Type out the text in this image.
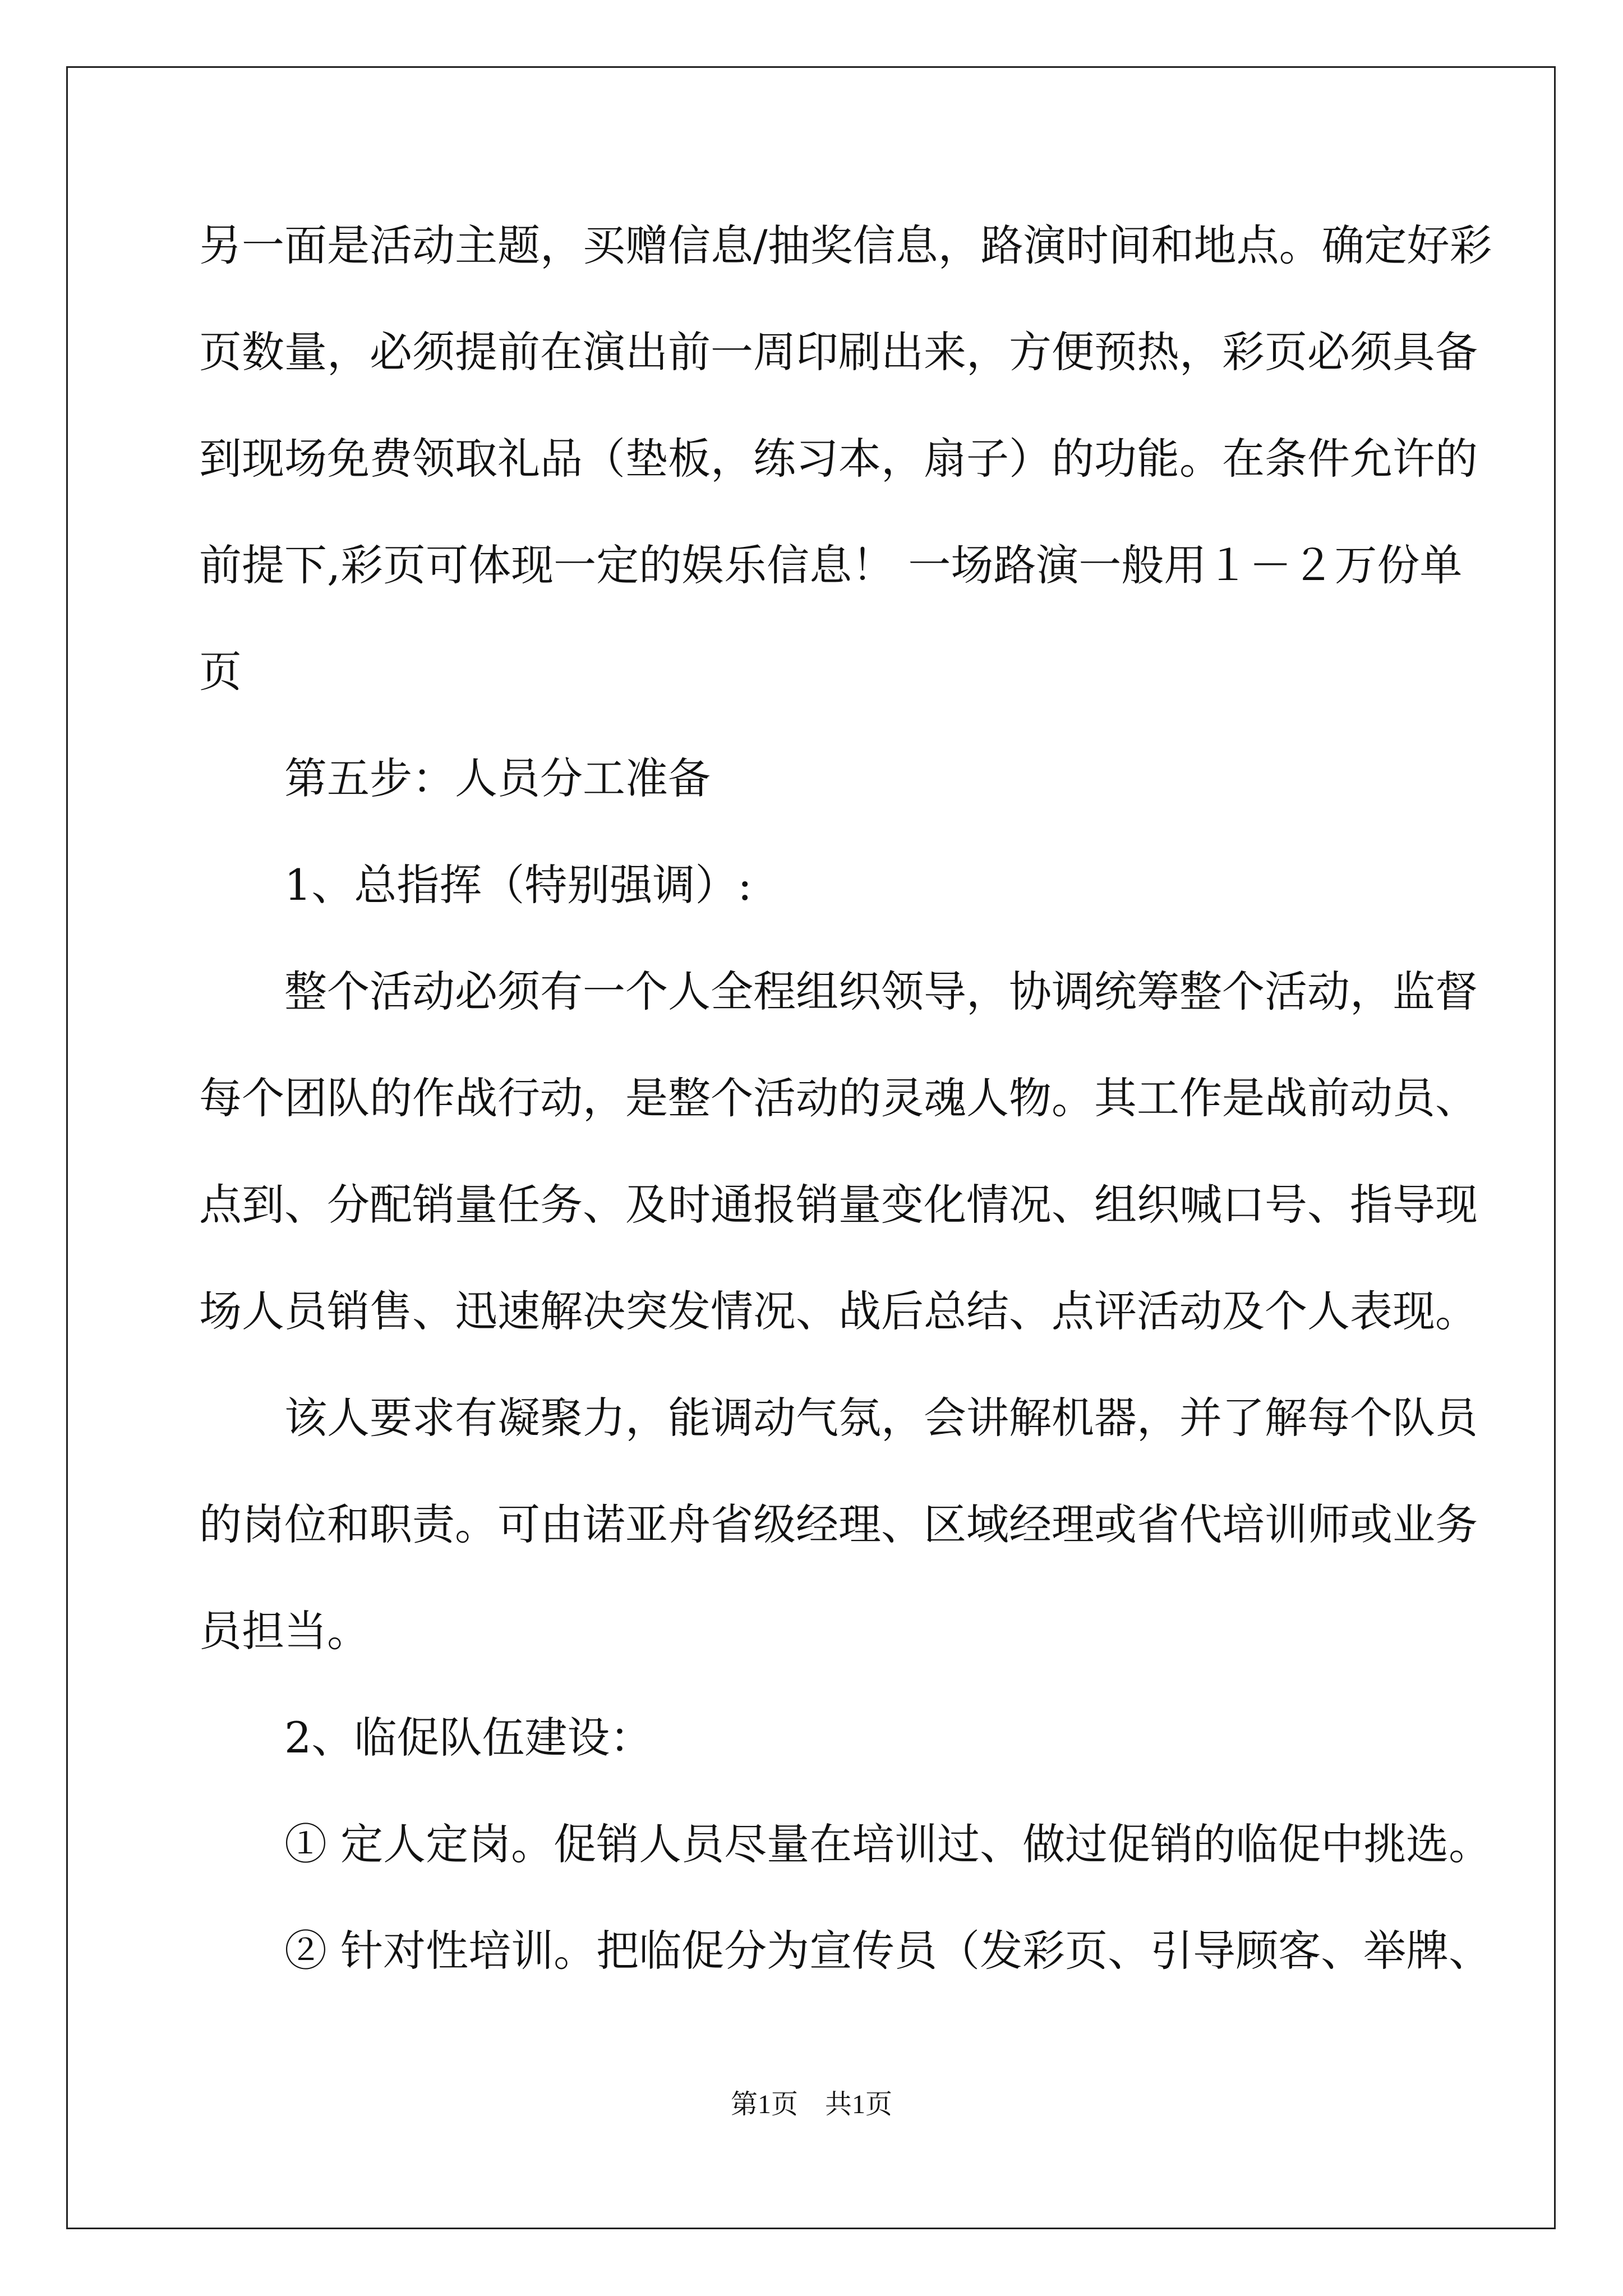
另一面是活动主题，买赠信息/抽奖信息，路演时间和地点。确定好彩
页数量，必须提前在演出前一周印刷出来，方便预热，彩页必须具备
到现场免费领取礼品（垫板，练习本，扇子）的功能。在条件允许的
前提下,彩页可体现一定的娱乐信息！ 一场路演一般用１－２万份单
页
第五步：人员分工准备
1、总指挥（特别强调）:
整个活动必须有一个人全程组织领导，协调统筹整个活动，监督
每个团队的作战行动，是整个活动的灵魂人物。其工作是战前动员、
点到、分配销量任务、及时通报销量变化情况、组织喊口号、指导现
场人员销售、迅速解决突发情况、战后总结、点评活动及个人表现。
该人要求有凝聚力，能调动气氛，会讲解机器，并了解每个队员
的岗位和职责。可由诺亚舟省级经理、区域经理或省代培训师或业务
员担当。
2、临促队伍建设：
① 定人定岗。促销人员尽量在培训过、做过促销的临促中挑选。
② 针对性培训。把临促分为宣传员（发彩页、引导顾客、举牌、
第1页　共1页
